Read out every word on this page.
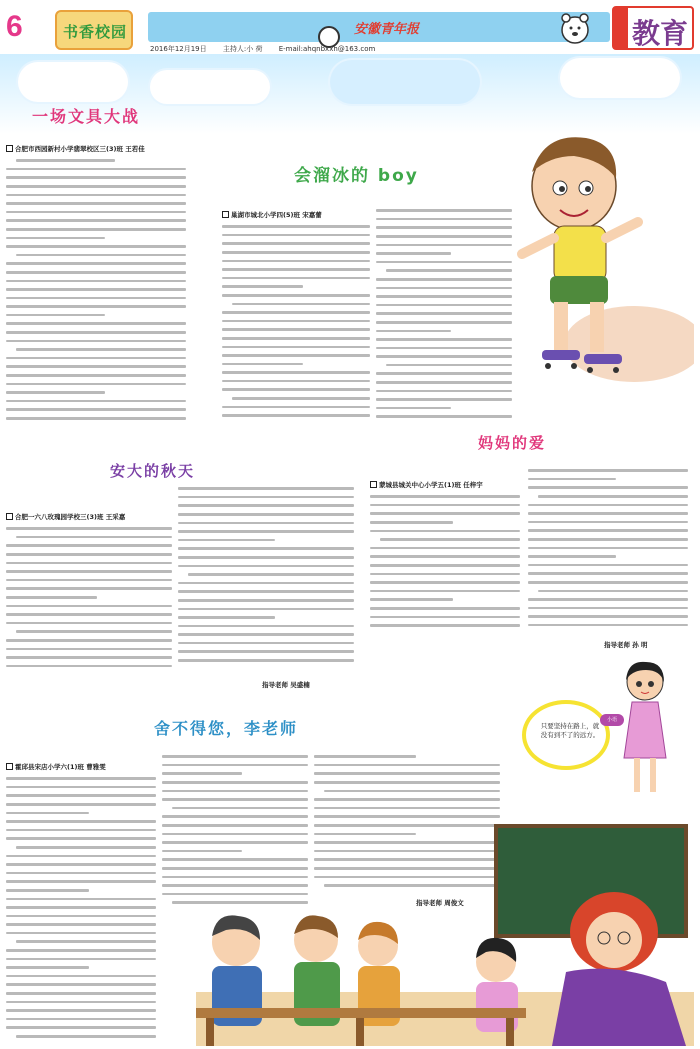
6	书香校园	安徽青年报
2016年12月19日 主持人:小 荷 E-mail:ahqnbxxh@163.com	教育
一场文具大战
合肥市西园新村小学翡翠校区三(3)班 王若佳
会溜冰的 boy
巢湖市城北小学四(5)班 宋嘉蕾
妈妈的爱
蒙城县城关中心小学五(1)班 任梓宇
指导老师 孙 明
安大的秋天
合肥一六八玫瑰园学校三(3)班 王采嘉
指导老师 吴盛楠
舍不得您，李老师
霍邱县宋店小学六(1)班 曹雅雯
指导老师 周俊文
小语
只要坚持在路上，就没有到不了的远方。
